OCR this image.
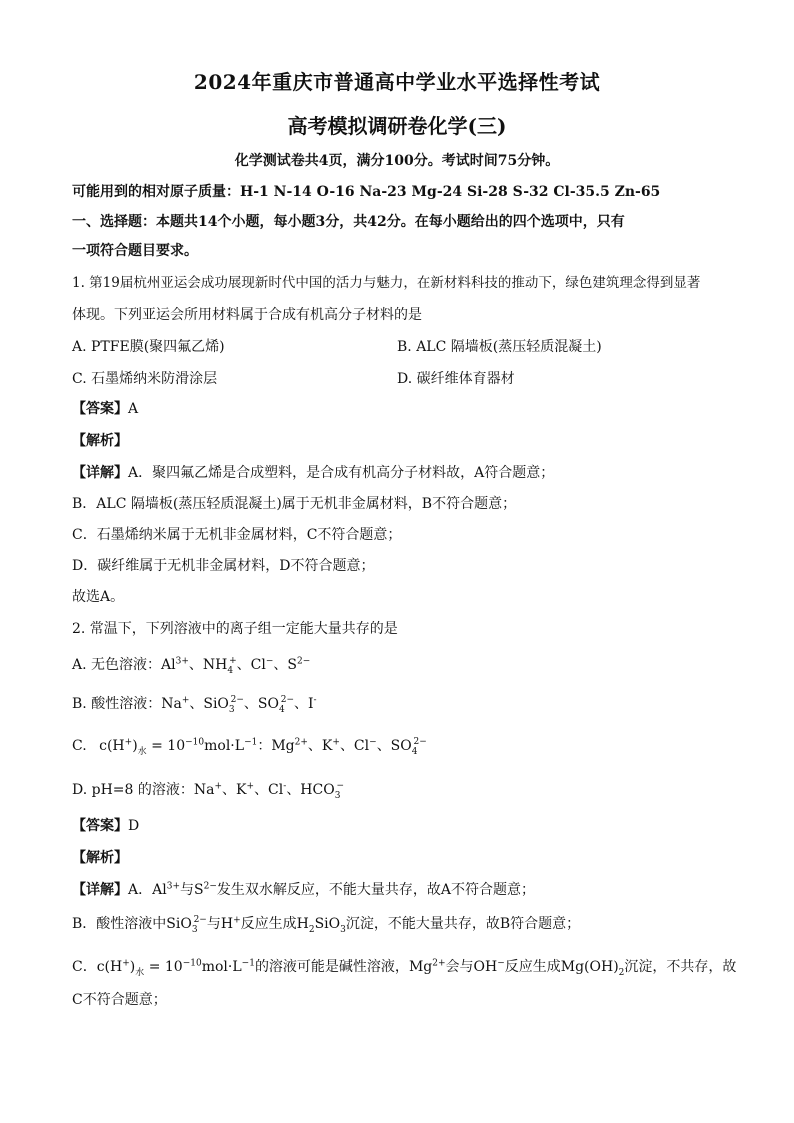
2024年重庆市普通高中学业水平选择性考试
高考模拟调研卷化学(三)
化学测试卷共4页，满分100分。考试时间75分钟。
可能用到的相对原子质量：H-1 N-14 O-16 Na-23 Mg-24 Si-28 S-32 Cl-35.5 Zn-65
一、选择题：本题共14个小题，每小题3分，共42分。在每小题给出的四个选项中，只有
一项符合题目要求。
1. 第19届杭州亚运会成功展现新时代中国的活力与魅力，在新材料科技的推动下，绿色建筑理念得到显著
体现。下列亚运会所用材料属于合成有机高分子材料的是
A. PTFE膜(聚四氟乙烯)	B. ALC 隔墙板(蒸压轻质混凝土)
C. 石墨烯纳米防滑涂层	D. 碳纤维体育器材
【答案】A
【解析】
【详解】A．聚四氟乙烯是合成塑料，是合成有机高分子材料故，A符合题意；
B．ALC 隔墙板(蒸压轻质混凝土)属于无机非金属材料，B不符合题意；
C．石墨烯纳米属于无机非金属材料，C不符合题意；
D．碳纤维属于无机非金属材料，D不符合题意；
故选A。
2. 常温下，下列溶液中的离子组一定能大量共存的是
A. 无色溶液：$Al^{3+}$、$NH_4^+$、Cl−、$S^{2-}$
B. 酸性溶液：Na+、SiO$_3^{2-}$、$SO_4^{2-}$、I-
C. $c(H^+)_水 = 10^{-10}mol\cdot L^{-1}$：$Mg^{2+}$、K+、Cl−、$SO_4^{2-}$
D. pH=8 的溶液：Na+、K+、Cl-、$HCO_3^-$
【答案】D
【解析】
【详解】A．$Al^{3+}$与$S^{2-}$发生双水解反应，不能大量共存，故A不符合题意；
B．酸性溶液中SiO$_3^{2-}$与H+反应生成$H_2SiO_3$沉淀，不能大量共存，故B符合题意；
C．$c(H^+)_水 = 10^{-10}mol\cdot L^{-1}$的溶液可能是碱性溶液，$Mg^{2+}$会与OH−反应生成$Mg(OH)_2$沉淀，不共存，故
C不符合题意；
